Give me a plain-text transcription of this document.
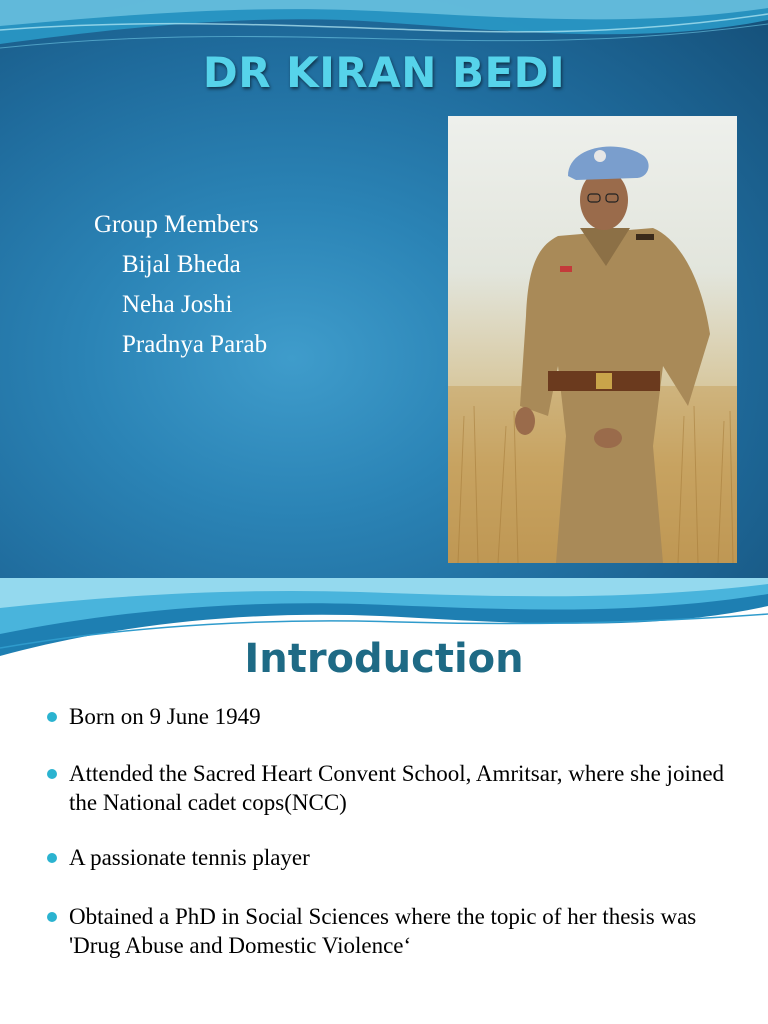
DR KIRAN BEDI

Group Members

Bijal Bheda

Neha Joshi

Pradnya Parab

Introduction
Born on 9 June 1949
Attended the Sacred Heart Convent School, Amritsar, where she joined the National cadet cops(NCC)
A passionate tennis player
Obtained a PhD in Social Sciences where the topic of her thesis was 'Drug Abuse and Domestic Violence‘
